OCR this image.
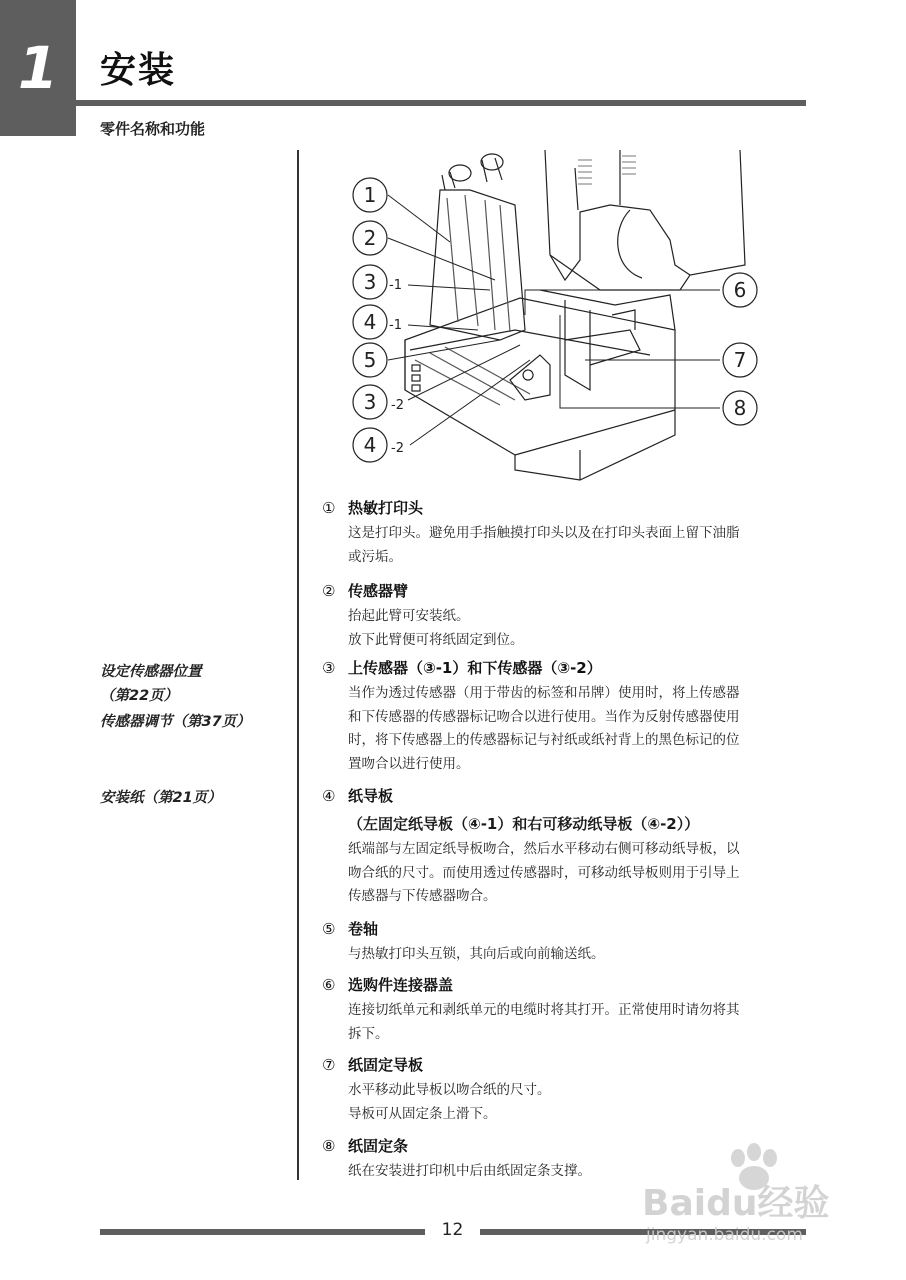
1 安装
零件名称和功能
1
2
3 -1
4 -1
5
3 -2
4 -2
6
7
8
设定传感器位置
（第22页）
传感器调节（第37页）
安装纸（第21页）
① 热敏打印头
这是打印头。避免用手指触摸打印头以及在打印头表面上留下油脂
或污垢。
② 传感器臂
抬起此臂可安装纸。
放下此臂便可将纸固定到位。
③ 上传感器（③-1）和下传感器（③-2）
当作为透过传感器（用于带齿的标签和吊牌）使用时，将上传感器
和下传感器的传感器标记吻合以进行使用。当作为反射传感器使用
时，将下传感器上的传感器标记与衬纸或纸衬背上的黑色标记的位
置吻合以进行使用。
④ 纸导板
（左固定纸导板（④-1）和右可移动纸导板（④-2））
纸端部与左固定纸导板吻合，然后水平移动右侧可移动纸导板，以
吻合纸的尺寸。而使用透过传感器时，可移动纸导板则用于引导上
传感器与下传感器吻合。
⑤ 卷轴
与热敏打印头互锁，其向后或向前输送纸。
⑥ 选购件连接器盖
连接切纸单元和剥纸单元的电缆时将其打开。正常使用时请勿将其
拆下。
⑦ 纸固定导板
水平移动此导板以吻合纸的尺寸。
导板可从固定条上滑下。
⑧ 纸固定条
纸在安装进打印机中后由纸固定条支撑。
12
Baidu经验
jingyan.baidu.com
